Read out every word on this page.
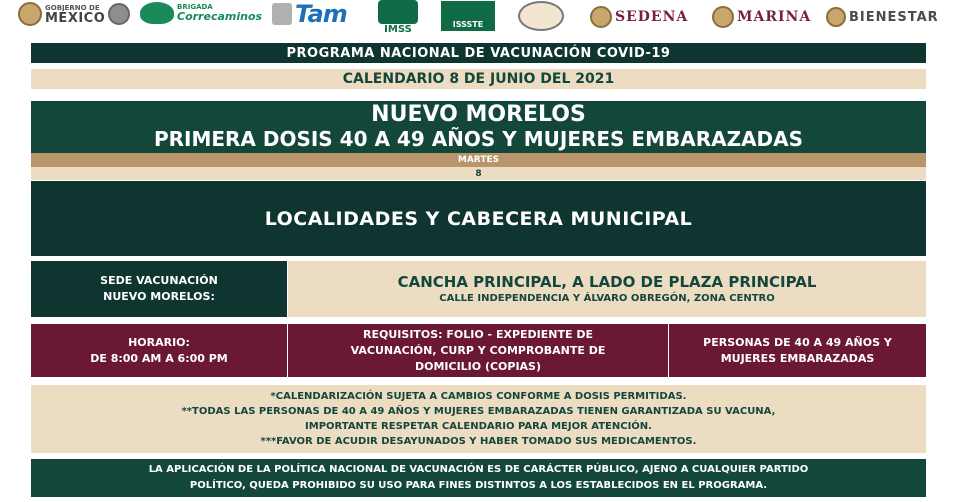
GOBIERNO DE
MÉXICO
BRIGADA
Correcaminos Tam
IMSS	ISSSTE	SEDENA	MARINA	BIENESTAR
PROGRAMA NACIONAL DE VACUNACIÓN COVID-19
CALENDARIO 8 DE JUNIO DEL 2021
NUEVO MORELOS
PRIMERA DOSIS 40 A 49 AÑOS Y MUJERES EMBARAZADAS
MARTES
8
LOCALIDADES Y CABECERA MUNICIPAL
SEDE VACUNACIÓN
NUEVO MORELOS:
CANCHA PRINCIPAL, A LADO DE PLAZA PRINCIPAL
CALLE INDEPENDENCIA Y ÁLVARO OBREGÓN, ZONA CENTRO
HORARIO:
DE 8:00 AM A 6:00 PM
REQUISITOS: FOLIO - EXPEDIENTE DE
VACUNACIÓN, CURP Y COMPROBANTE DE
DOMICILIO (COPIAS)
PERSONAS DE 40 A 49 AÑOS Y
MUJERES EMBARAZADAS
*CALENDARIZACIÓN SUJETA A CAMBIOS CONFORME A DOSIS PERMITIDAS.
**TODAS LAS PERSONAS DE 40 A 49 AÑOS Y MUJERES EMBARAZADAS TIENEN GARANTIZADA SU VACUNA,
IMPORTANTE RESPETAR CALENDARIO PARA MEJOR ATENCIÓN.
***FAVOR DE ACUDIR DESAYUNADOS Y HABER TOMADO SUS MEDICAMENTOS.
LA APLICACIÓN DE LA POLÍTICA NACIONAL DE VACUNACIÓN ES DE CARÁCTER PÚBLICO, AJENO A CUALQUIER PARTIDO
POLÍTICO, QUEDA PROHIBIDO SU USO PARA FINES DISTINTOS A LOS ESTABLECIDOS EN EL PROGRAMA.
